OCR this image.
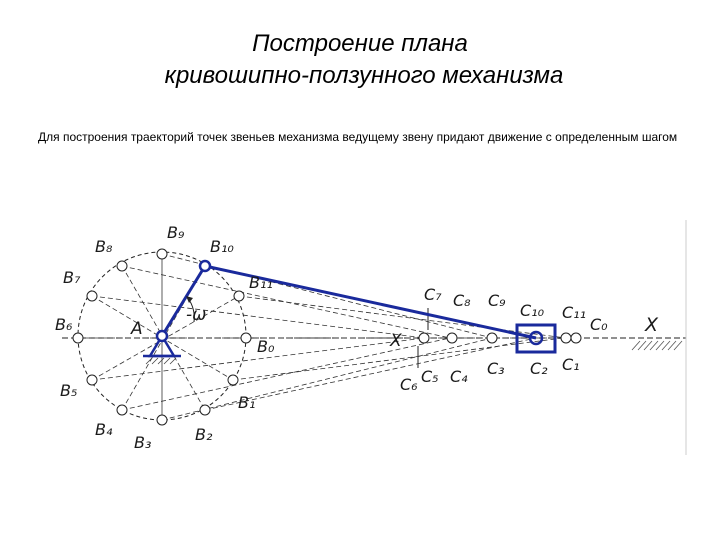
Построение плана
кривошипно-ползунного механизма
Для построения траекторий точек звеньев механизма ведущему звену придают движение с определенным шагом
A
-ω
X
X
B₀
B₁
B₂
B₃
B₄
B₅
B₆
B₇
B₈
B₉
B₁₀
B₁₁
C₀
C₁
C₂
C₃
C₄
C₅
C₆
C₇ C₈ C₉
C₁₀ C₁₁
